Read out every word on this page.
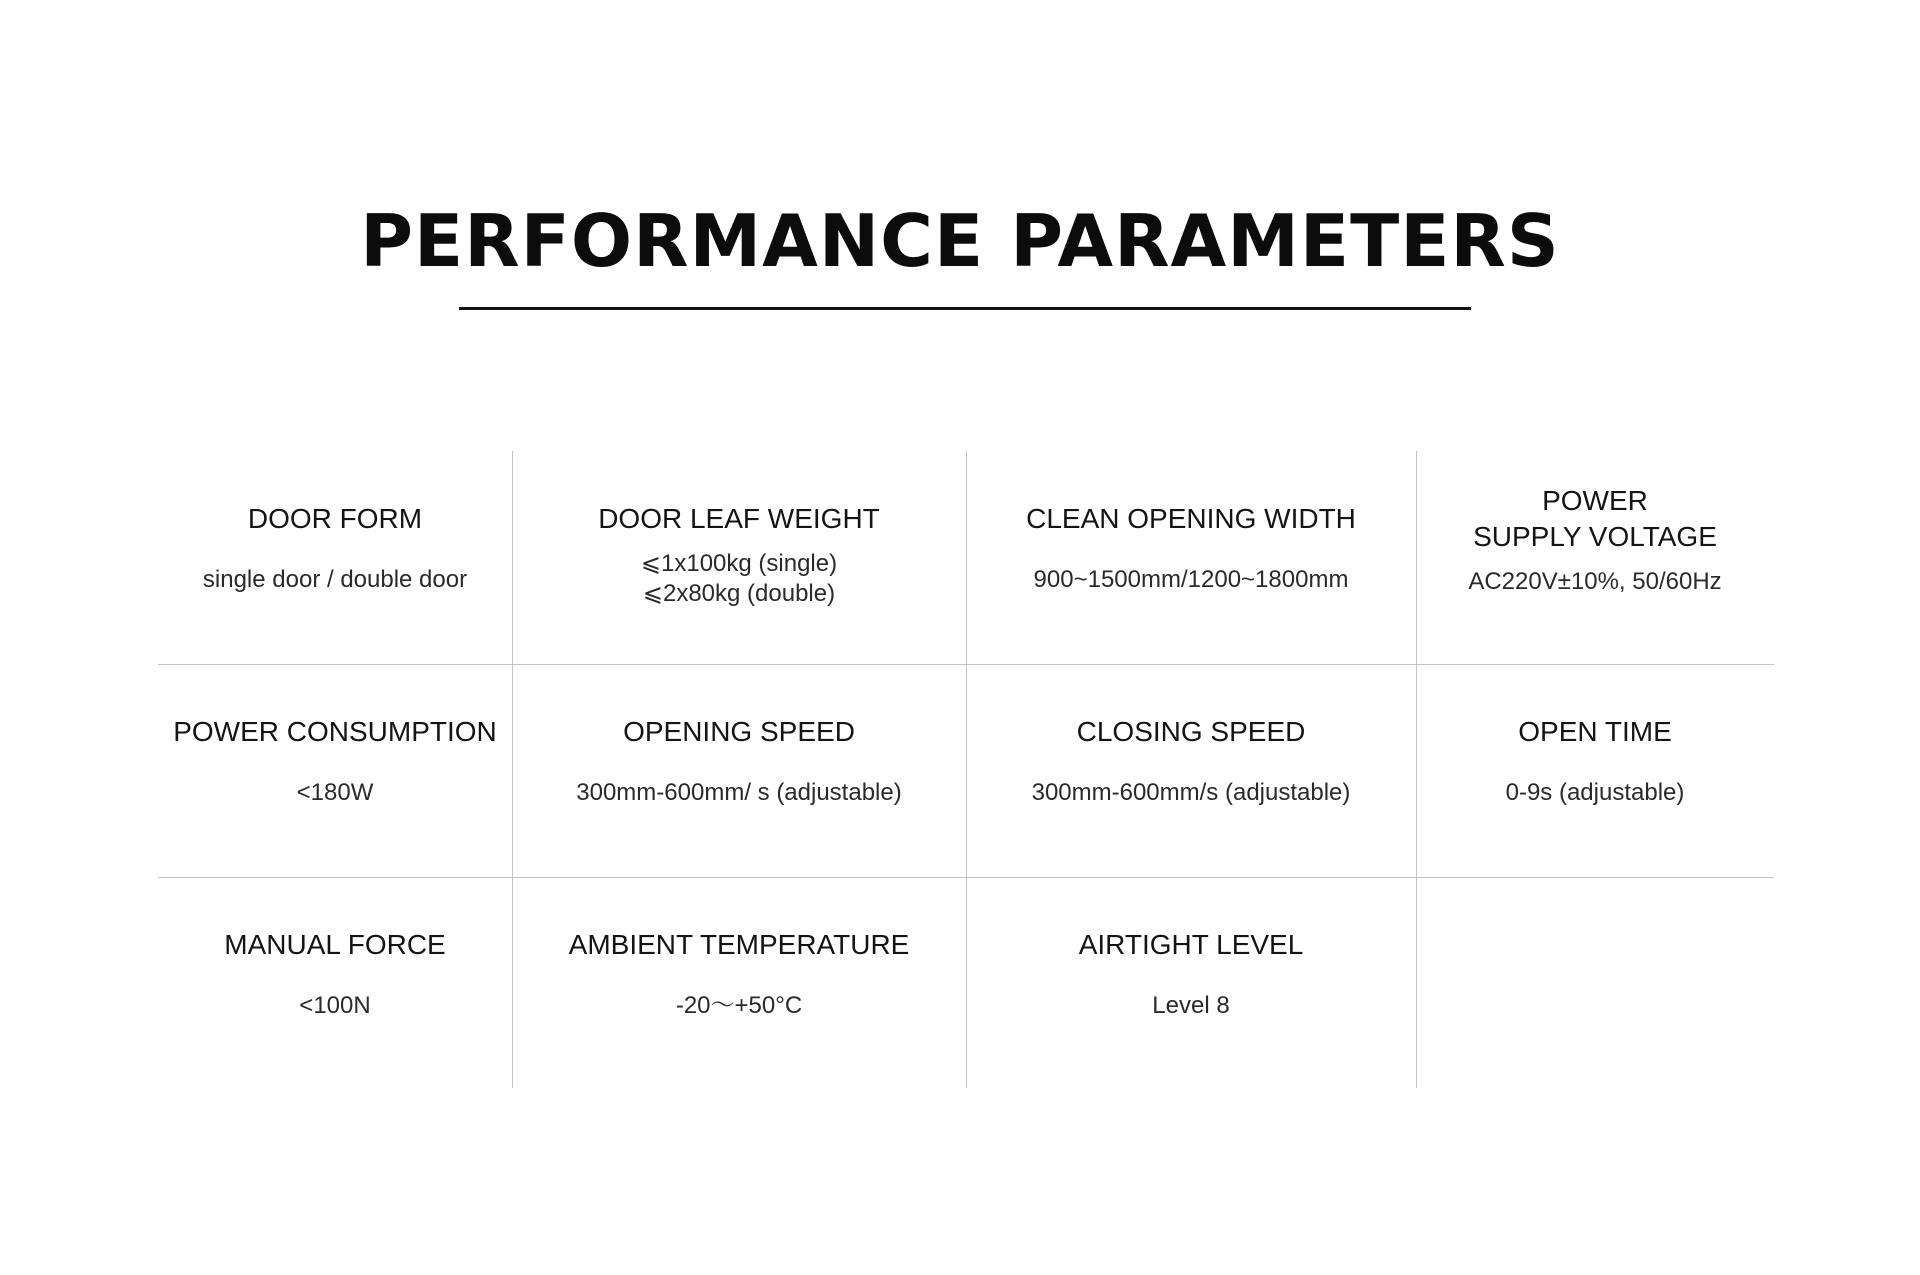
PERFORMANCE PARAMETERS
DOOR FORM
single door / double door
DOOR LEAF WEIGHT
⩽1x100kg (single)
⩽2x80kg (double)
CLEAN OPENING WIDTH
900~1500mm/1200~1800mm
POWER
SUPPLY VOLTAGE
AC220V±10%, 50/60Hz
POWER CONSUMPTION
<180W
OPENING SPEED
300mm-600mm/ s (adjustable)
CLOSING SPEED
300mm-600mm/s (adjustable)
OPEN TIME
0-9s (adjustable)
MANUAL FORCE
<100N
AMBIENT TEMPERATURE
-20〜+50°C
AIRTIGHT LEVEL
Level 8
